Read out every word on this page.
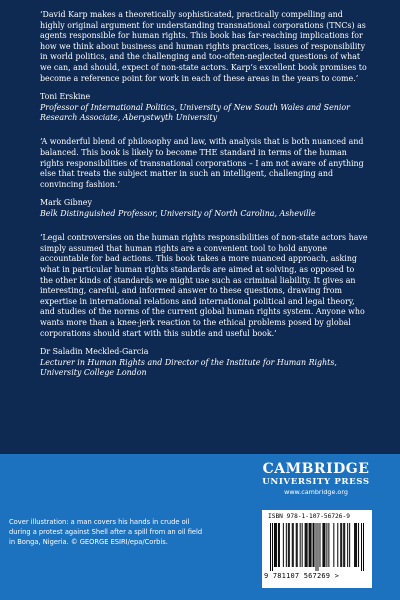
‘David Karp makes a theoretically sophisticated, practically compelling and highly original argument for understanding transnational corporations (TNCs) as agents responsible for human rights. This book has far-reaching implications for how we think about business and human rights practices, issues of responsibility in world politics, and the challenging and too-often-neglected questions of what we can, and should, expect of non-state actors. Karp’s excellent book promises to become a reference point for work in each of these areas in the years to come.’

Toni Erskine
Professor of International Politics, University of New South Wales and Senior Research Associate, Aberystwyth University

‘A wonderful blend of philosophy and law, with analysis that is both nuanced and balanced. This book is likely to become THE standard in terms of the human rights responsibilities of transnational corporations – I am not aware of anything else that treats the subject matter in such an intelligent, challenging and convincing fashion.’

Mark Gibney
Belk Distinguished Professor, University of North Carolina, Asheville

‘Legal controversies on the human rights responsibilities of non-state actors have simply assumed that human rights are a convenient tool to hold anyone accountable for bad actions. This book takes a more nuanced approach, asking what in particular human rights standards are aimed at solving, as opposed to the other kinds of standards we might use such as criminal liability. It gives an interesting, careful, and informed answer to these questions, drawing from expertise in international relations and international political and legal theory, and studies of the norms of the current global human rights system. Anyone who wants more than a knee-jerk reaction to the ethical problems posed by global corporations should start with this subtle and useful book.’

Dr Saladin Meckled-Garcia
Lecturer in Human Rights and Director of the Institute for Human Rights, University College London
CAMBRIDGE
UNIVERSITY PRESS
www.cambridge.org
ISBN 978-1-107-56726-9
9 781107 567269 >
Cover illustration: a man covers his hands in crude oil during a protest against Shell after a spill from an oil field in Bonga, Nigeria. © GEORGE ESIRI/epa/Corbis.
